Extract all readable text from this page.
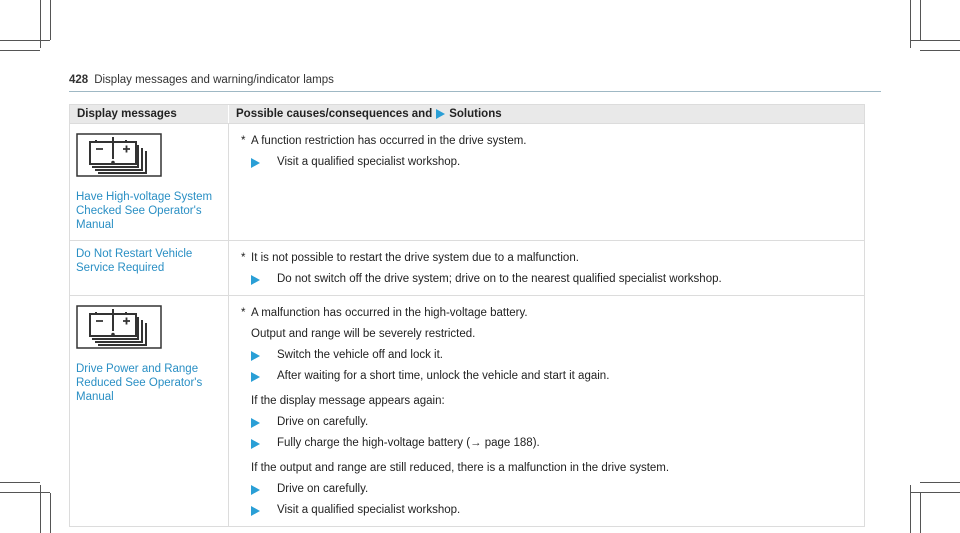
428 Display messages and warning/indicator lamps
Display messages	Possible causes/consequences and Solutions
Have High-voltage System Checked See Operator's Manual
* A function restriction has occurred in the drive system.
Visit a qualified specialist workshop.
Do Not Restart Vehicle Service Required
* It is not possible to restart the drive system due to a malfunction.
Do not switch off the drive system; drive on to the nearest qualified specialist workshop.
Drive Power and Range Reduced See Operator's Manual
* A malfunction has occurred in the high-voltage battery.
Output and range will be severely restricted.
Switch the vehicle off and lock it.
After waiting for a short time, unlock the vehicle and start it again.
If the display message appears again:
Drive on carefully.
Fully charge the high-voltage battery (→ page 188).
If the output and range are still reduced, there is a malfunction in the drive system.
Drive on carefully.
Visit a qualified specialist workshop.
